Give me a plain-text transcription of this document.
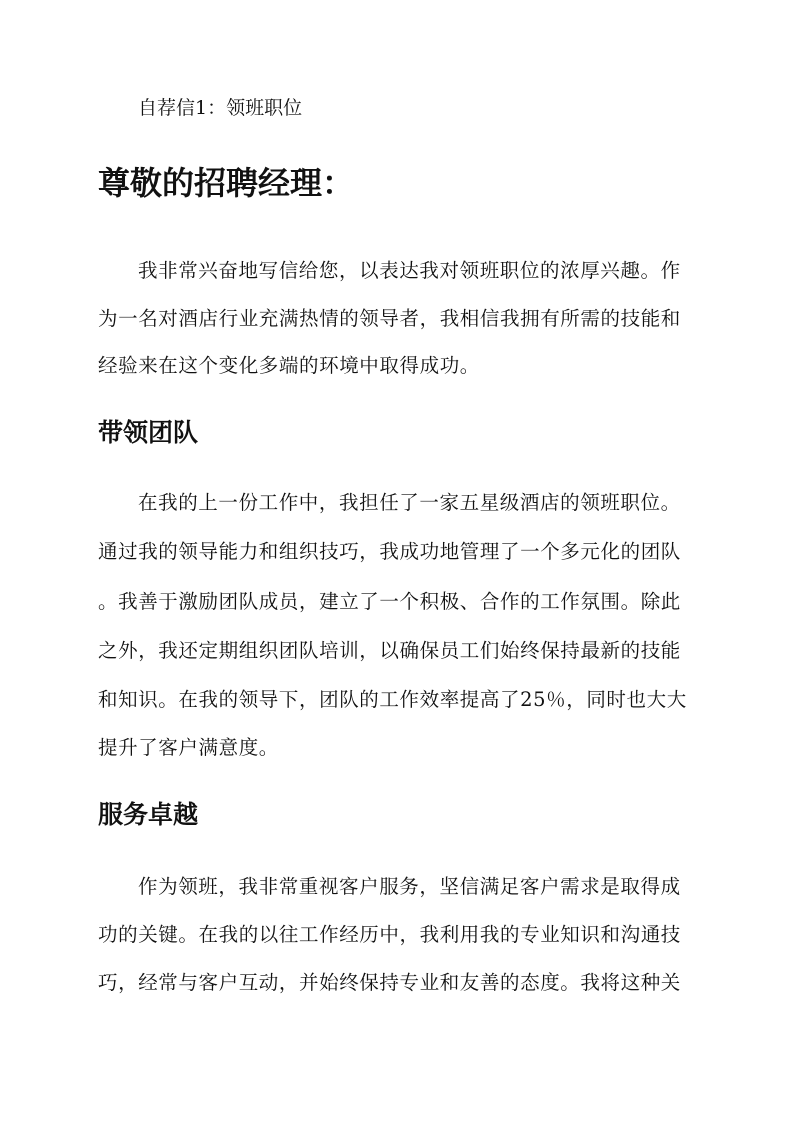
自荐信1：领班职位
尊敬的招聘经理：
我非常兴奋地写信给您，以表达我对领班职位的浓厚兴趣。作
为一名对酒店行业充满热情的领导者，我相信我拥有所需的技能和
经验来在这个变化多端的环境中取得成功。
带领团队
在我的上一份工作中，我担任了一家五星级酒店的领班职位。
通过我的领导能力和组织技巧，我成功地管理了一个多元化的团队
。我善于激励团队成员，建立了一个积极、合作的工作氛围。除此
之外，我还定期组织团队培训，以确保员工们始终保持最新的技能
和知识。在我的领导下，团队的工作效率提高了25％，同时也大大
提升了客户满意度。
服务卓越
作为领班，我非常重视客户服务，坚信满足客户需求是取得成
功的关键。在我的以往工作经历中，我利用我的专业知识和沟通技
巧，经常与客户互动，并始终保持专业和友善的态度。我将这种关
